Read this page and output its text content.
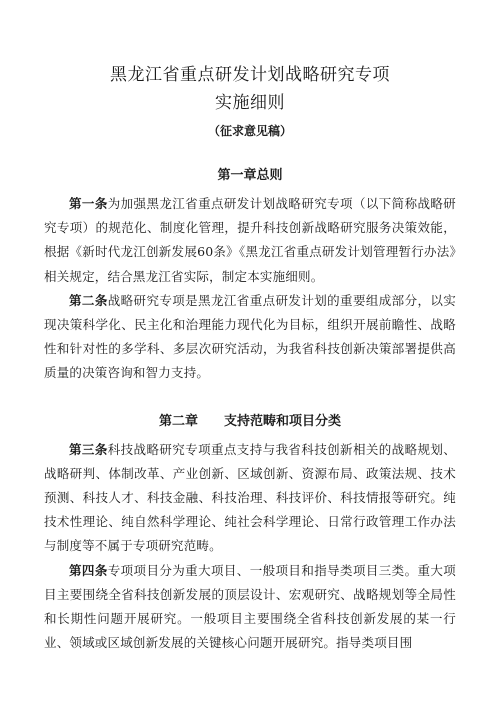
黑龙江省重点研发计划战略研究专项
实施细则
（征求意见稿）
第一章总则

第一条为加强黑龙江省重点研发计划战略研究专项（以下简称战略研究专项）的规范化、制度化管理，提升科技创新战略研究服务决策效能，根据《新时代龙江创新发展60条》《黑龙江省重点研发计划管理暂行办法》相关规定，结合黑龙江省实际，制定本实施细则。

第二条战略研究专项是黑龙江省重点研发计划的重要组成部分，以实现决策科学化、民主化和治理能力现代化为目标，组织开展前瞻性、战略性和针对性的多学科、多层次研究活动，为我省科技创新决策部署提供高质量的决策咨询和智力支持。

第二章 支持范畴和项目分类

第三条科技战略研究专项重点支持与我省科技创新相关的战略规划、战略研判、体制改革、产业创新、区域创新、资源布局、政策法规、技术预测、科技人才、科技金融、科技治理、科技评价、科技情报等研究。纯技术性理论、纯自然科学理论、纯社会科学理论、日常行政管理工作办法与制度等不属于专项研究范畴。

第四条专项项目分为重大项目、一般项目和指导类项目三类。重大项目主要围绕全省科技创新发展的顶层设计、宏观研究、战略规划等全局性和长期性问题开展研究。一般项目主要围绕全省科技创新发展的某一行业、领域或区域创新发展的关键核心问题开展研究。指导类项目围
